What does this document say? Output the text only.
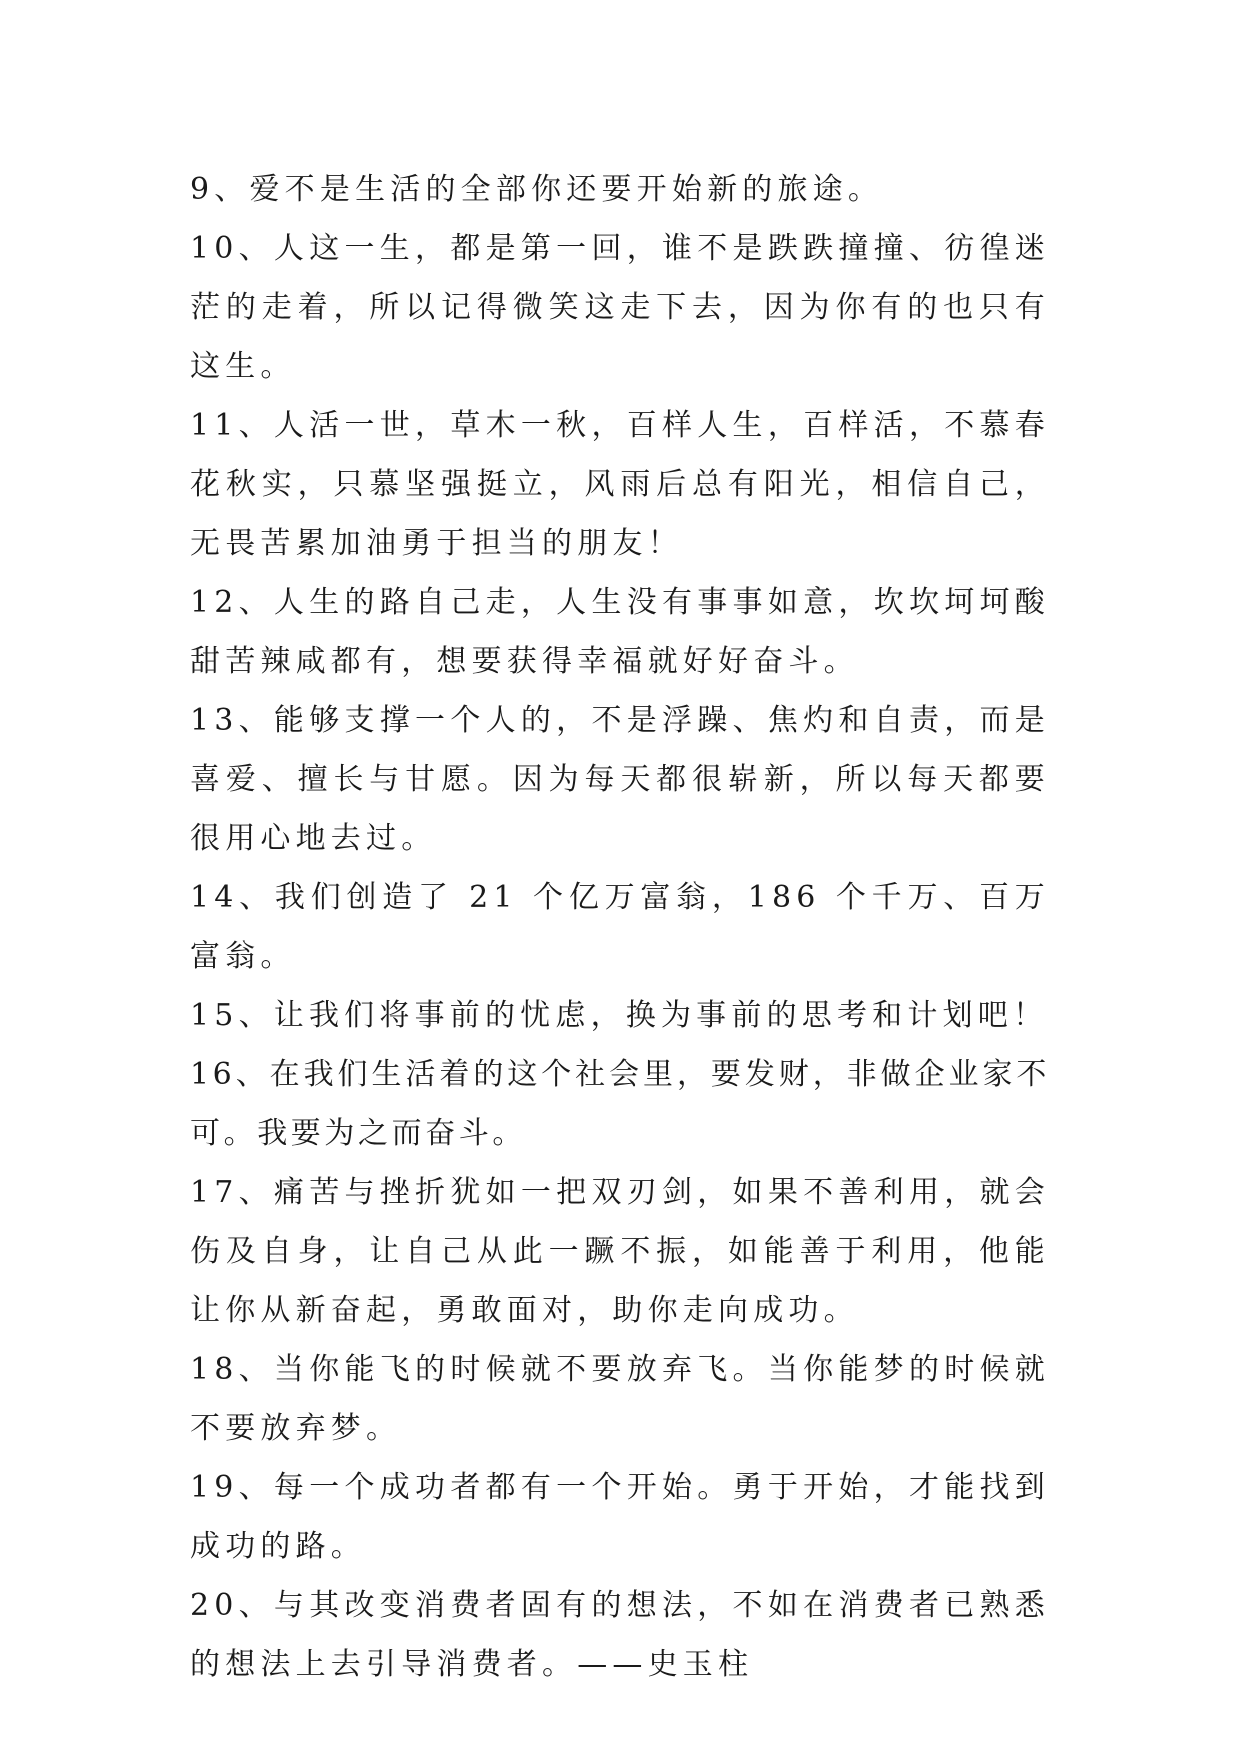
9、爱不是生活的全部你还要开始新的旅途。

10、人这一生，都是第一回，谁不是跌跌撞撞、彷徨迷茫的走着，所以记得微笑这走下去，因为你有的也只有这生。

11、人活一世，草木一秋，百样人生，百样活，不慕春花秋实，只慕坚强挺立，风雨后总有阳光，相信自己，无畏苦累加油勇于担当的朋友！

12、人生的路自己走，人生没有事事如意，坎坎坷坷酸甜苦辣咸都有，想要获得幸福就好好奋斗。

13、能够支撑一个人的，不是浮躁、焦灼和自责，而是喜爱、擅长与甘愿。因为每天都很崭新，所以每天都要很用心地去过。

14、我们创造了 21 个亿万富翁，186 个千万、百万富翁。

15、让我们将事前的忧虑，换为事前的思考和计划吧！

16、在我们生活着的这个社会里，要发财，非做企业家不可。我要为之而奋斗。

17、痛苦与挫折犹如一把双刃剑，如果不善利用，就会伤及自身，让自己从此一蹶不振，如能善于利用，他能让你从新奋起，勇敢面对，助你走向成功。

18、当你能飞的时候就不要放弃飞。当你能梦的时候就不要放弃梦。

19、每一个成功者都有一个开始。勇于开始，才能找到成功的路。

20、与其改变消费者固有的想法，不如在消费者已熟悉的想法上去引导消费者。——史玉柱
